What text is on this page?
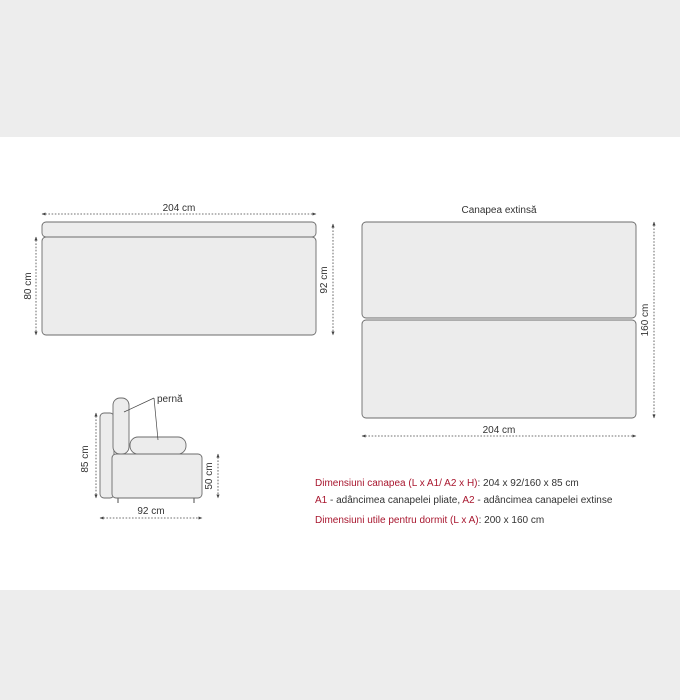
204 cm
80 cm	92 cm
Canapea extinsă
160 cm
204 cm
pernă
85 cm
50 cm
92 cm
Dimensiuni canapea (L x A1/ A2 x H): 204 x 92/160 x 85 cm
A1 - adâncimea canapelei pliate, A2 - adâncimea canapelei extinse
Dimensiuni utile pentru dormit (L x A): 200 x 160 cm
